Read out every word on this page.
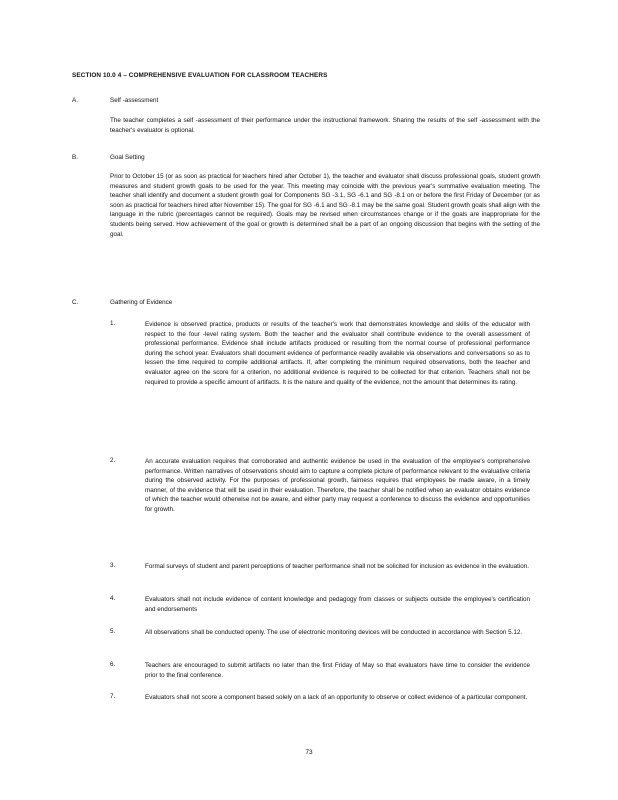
SECTION 10.0 4 – COMPREHENSIVE EVALUATION FOR CLASSROOM TEACHERS
A.	Self -assessment
The teacher completes a self -assessment of their performance under the instructional framework. Sharing the results of the self -assessment with the teacher's evaluator is optional.
B.	Goal Setting
Prior to October 15 (or as soon as practical for teachers hired after October 1), the teacher and evaluator shall discuss professional goals, student growth measures and student growth goals to be used for the year. This meeting may coincide with the previous year's summative evaluation meeting. The teacher shall identify and document a student growth goal for Components SG -3.1, SG -6.1 and SG -8.1 on or before the first Friday of December (or as soon as practical for teachers hired after November 15). The goal for SG -6.1 and SG -8.1 may be the same goal. Student growth goals shall align with the language in the rubric (percentages cannot be required). Goals may be revised when circumstances change or if the goals are inappropriate for the students being served. How achievement of the goal or growth is determined shall be a part of an ongoing discussion that begins with the setting of the goal.
C.	Gathering of Evidence
1.	Evidence is observed practice, products or results of the teacher's work that demonstrates knowledge and skills of the educator with respect to the four -level rating system. Both the teacher and the evaluator shall contribute evidence to the overall assessment of professional performance. Evidence shall include artifacts produced or resulting from the normal course of professional performance during the school year. Evaluators shall document evidence of performance readily available via observations and conversations so as to lessen the time required to compile additional artifacts. If, after completing the minimum required observations, both the teacher and evaluator agree on the score for a criterion, no additional evidence is required to be collected for that criterion. Teachers shall not be required to provide a specific amount of artifacts. It is the nature and quality of the evidence, not the amount that determines its rating.
2.	An accurate evaluation requires that corroborated and authentic evidence be used in the evaluation of the employee's comprehensive performance. Written narratives of observations should aim to capture a complete picture of performance relevant to the evaluative criteria during the observed activity. For the purposes of professional growth, fairness requires that employees be made aware, in a timely manner, of the evidence that will be used in their evaluation. Therefore, the teacher shall be notified when an evaluator obtains evidence of which the teacher would otherwise not be aware, and either party may request a conference to discuss the evidence and opportunities for growth.
3.	Formal surveys of student and parent perceptions of teacher performance shall not be solicited for inclusion as evidence in the evaluation.
4.	Evaluators shall not include evidence of content knowledge and pedagogy from classes or subjects outside the employee's certification and endorsements
5.	All observations shall be conducted openly. The use of electronic monitoring devices will be conducted in accordance with Section 5.12.
6.	Teachers are encouraged to submit artifacts no later than the first Friday of May so that evaluators have time to consider the evidence prior to the final conference.
7.	Evaluators shall not score a component based solely on a lack of an opportunity to observe or collect evidence of a particular component.
73
